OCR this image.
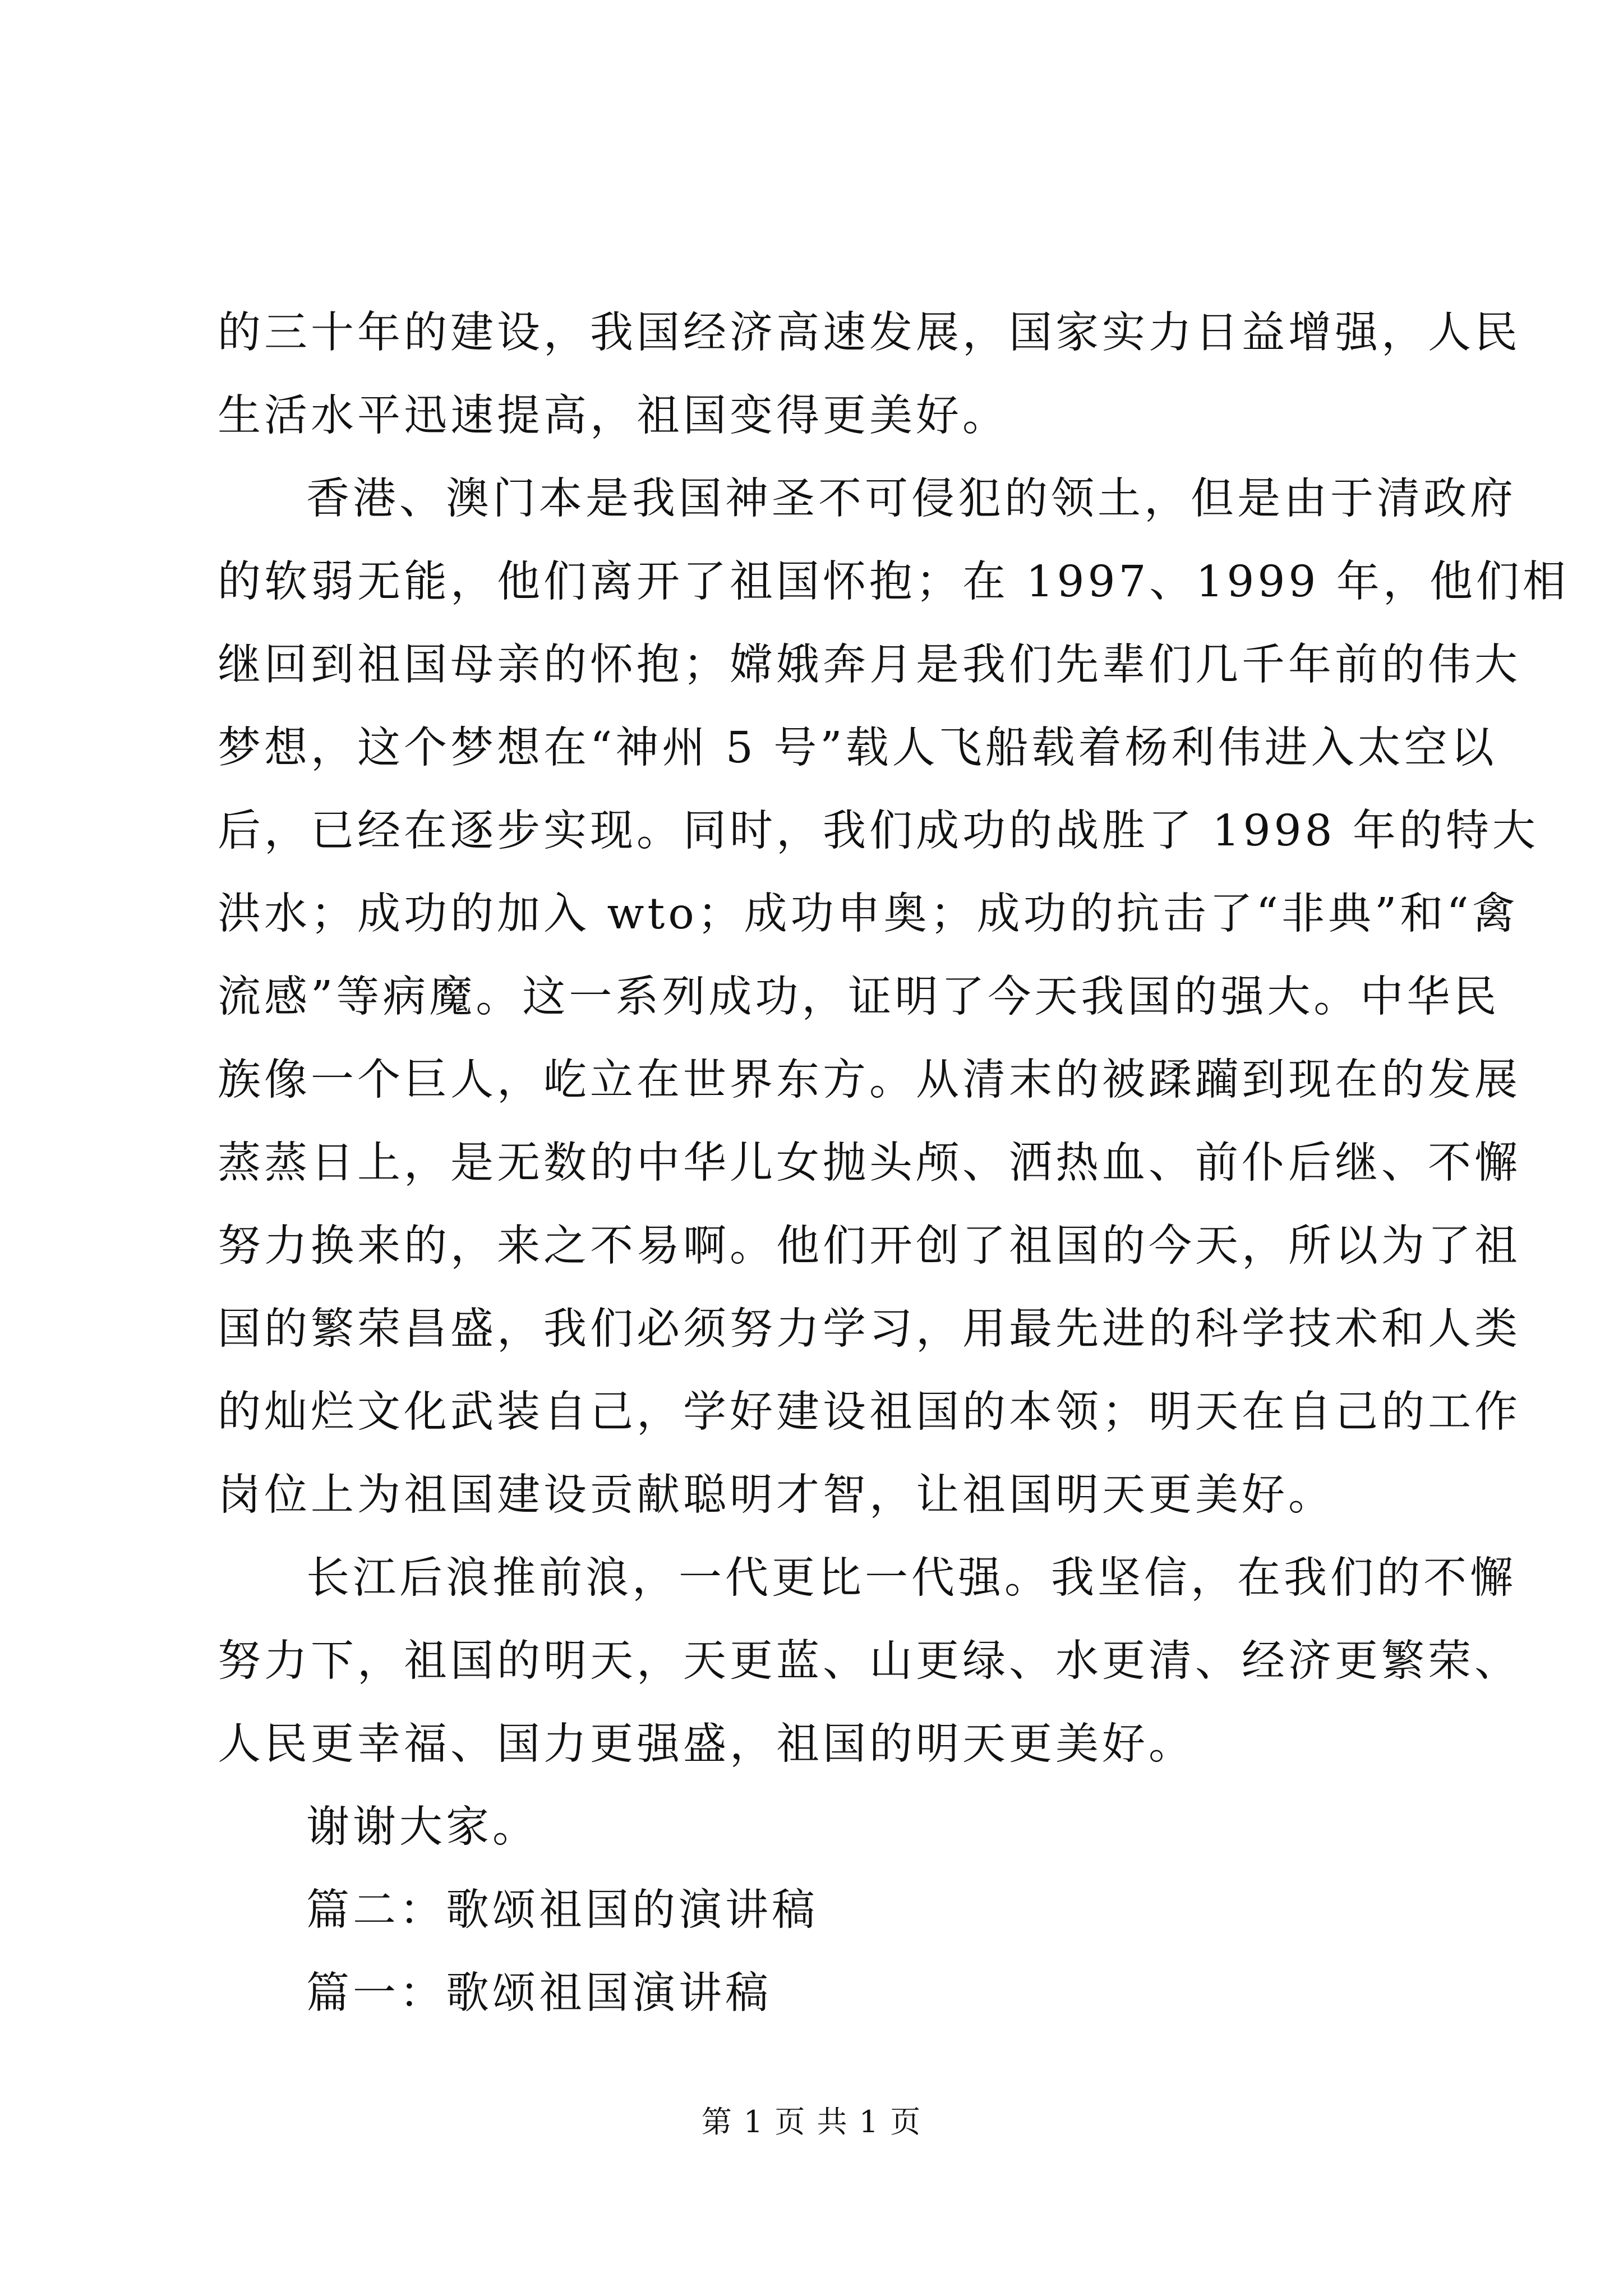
的三十年的建设，我国经济高速发展，国家实力日益增强，人民
生活水平迅速提高，祖国变得更美好。
香港、澳门本是我国神圣不可侵犯的领土，但是由于清政府
的软弱无能，他们离开了祖国怀抱；在 1997、1999 年，他们相
继回到祖国母亲的怀抱；嫦娥奔月是我们先辈们几千年前的伟大
梦想，这个梦想在“神州 5 号”载人飞船载着杨利伟进入太空以
后，已经在逐步实现。同时，我们成功的战胜了 1998 年的特大
洪水；成功的加入 wto；成功申奥；成功的抗击了“非典”和“禽
流感”等病魔。这一系列成功，证明了今天我国的强大。中华民
族像一个巨人，屹立在世界东方。从清末的被蹂躏到现在的发展
蒸蒸日上，是无数的中华儿女抛头颅、洒热血、前仆后继、不懈
努力换来的，来之不易啊。他们开创了祖国的今天，所以为了祖
国的繁荣昌盛，我们必须努力学习，用最先进的科学技术和人类
的灿烂文化武装自己，学好建设祖国的本领；明天在自己的工作
岗位上为祖国建设贡献聪明才智，让祖国明天更美好。
长江后浪推前浪，一代更比一代强。我坚信，在我们的不懈
努力下，祖国的明天，天更蓝、山更绿、水更清、经济更繁荣、
人民更幸福、国力更强盛，祖国的明天更美好。
谢谢大家。
篇二：歌颂祖国的演讲稿
篇一：歌颂祖国演讲稿
第 1 页 共 1 页
